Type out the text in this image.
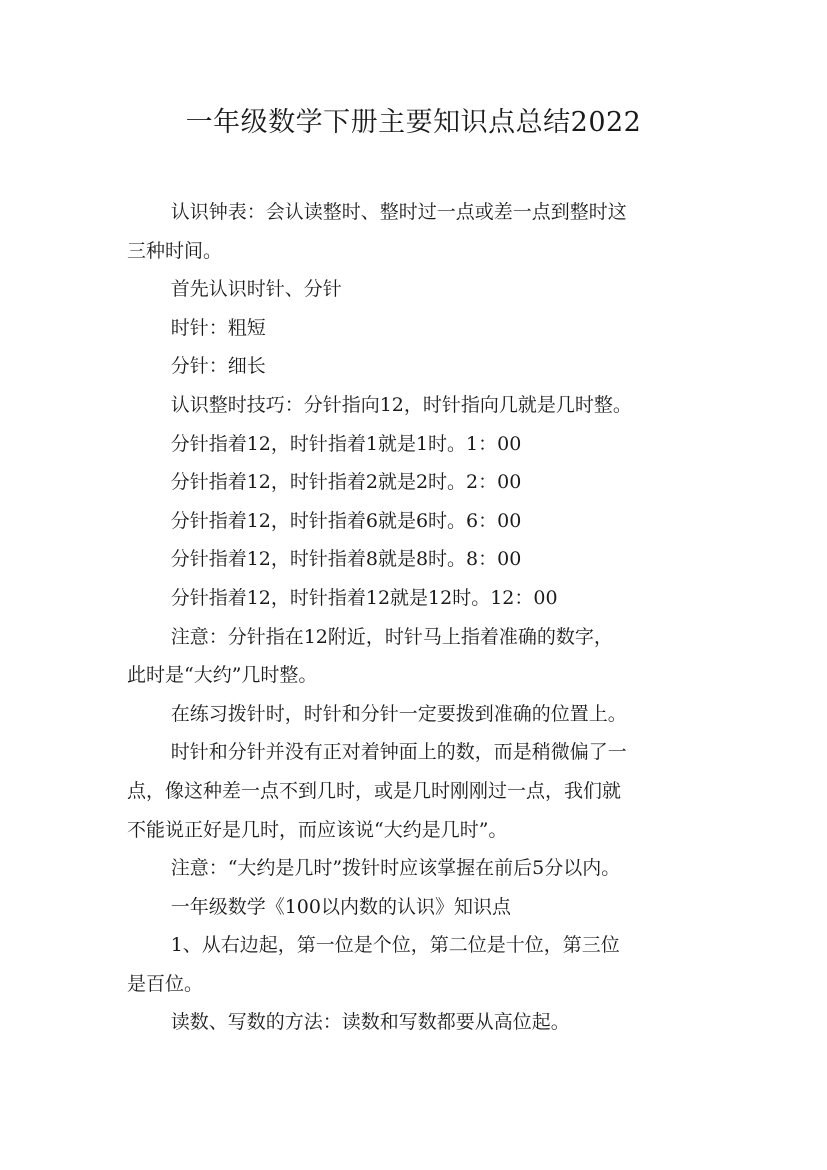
一年级数学下册主要知识点总结2022

认识钟表：会认读整时、整时过一点或差一点到整时这
三种时间。

首先认识时针、分针

时针：粗短

分针：细长

认识整时技巧：分针指向12，时针指向几就是几时整。

分针指着12，时针指着1就是1时。1：00

分针指着12，时针指着2就是2时。2：00

分针指着12，时针指着6就是6时。6：00

分针指着12，时针指着8就是8时。8：00

分针指着12，时针指着12就是12时。12：00

注意：分针指在12附近，时针马上指着准确的数字，
此时是“大约”几时整。

在练习拨针时，时针和分针一定要拨到准确的位置上。

时针和分针并没有正对着钟面上的数，而是稍微偏了一
点，像这种差一点不到几时，或是几时刚刚过一点，我们就
不能说正好是几时，而应该说“大约是几时”。

注意：“大约是几时”拨针时应该掌握在前后5分以内。

一年级数学《100以内数的认识》知识点

1、从右边起，第一位是个位，第二位是十位，第三位
是百位。

读数、写数的方法：读数和写数都要从高位起。
